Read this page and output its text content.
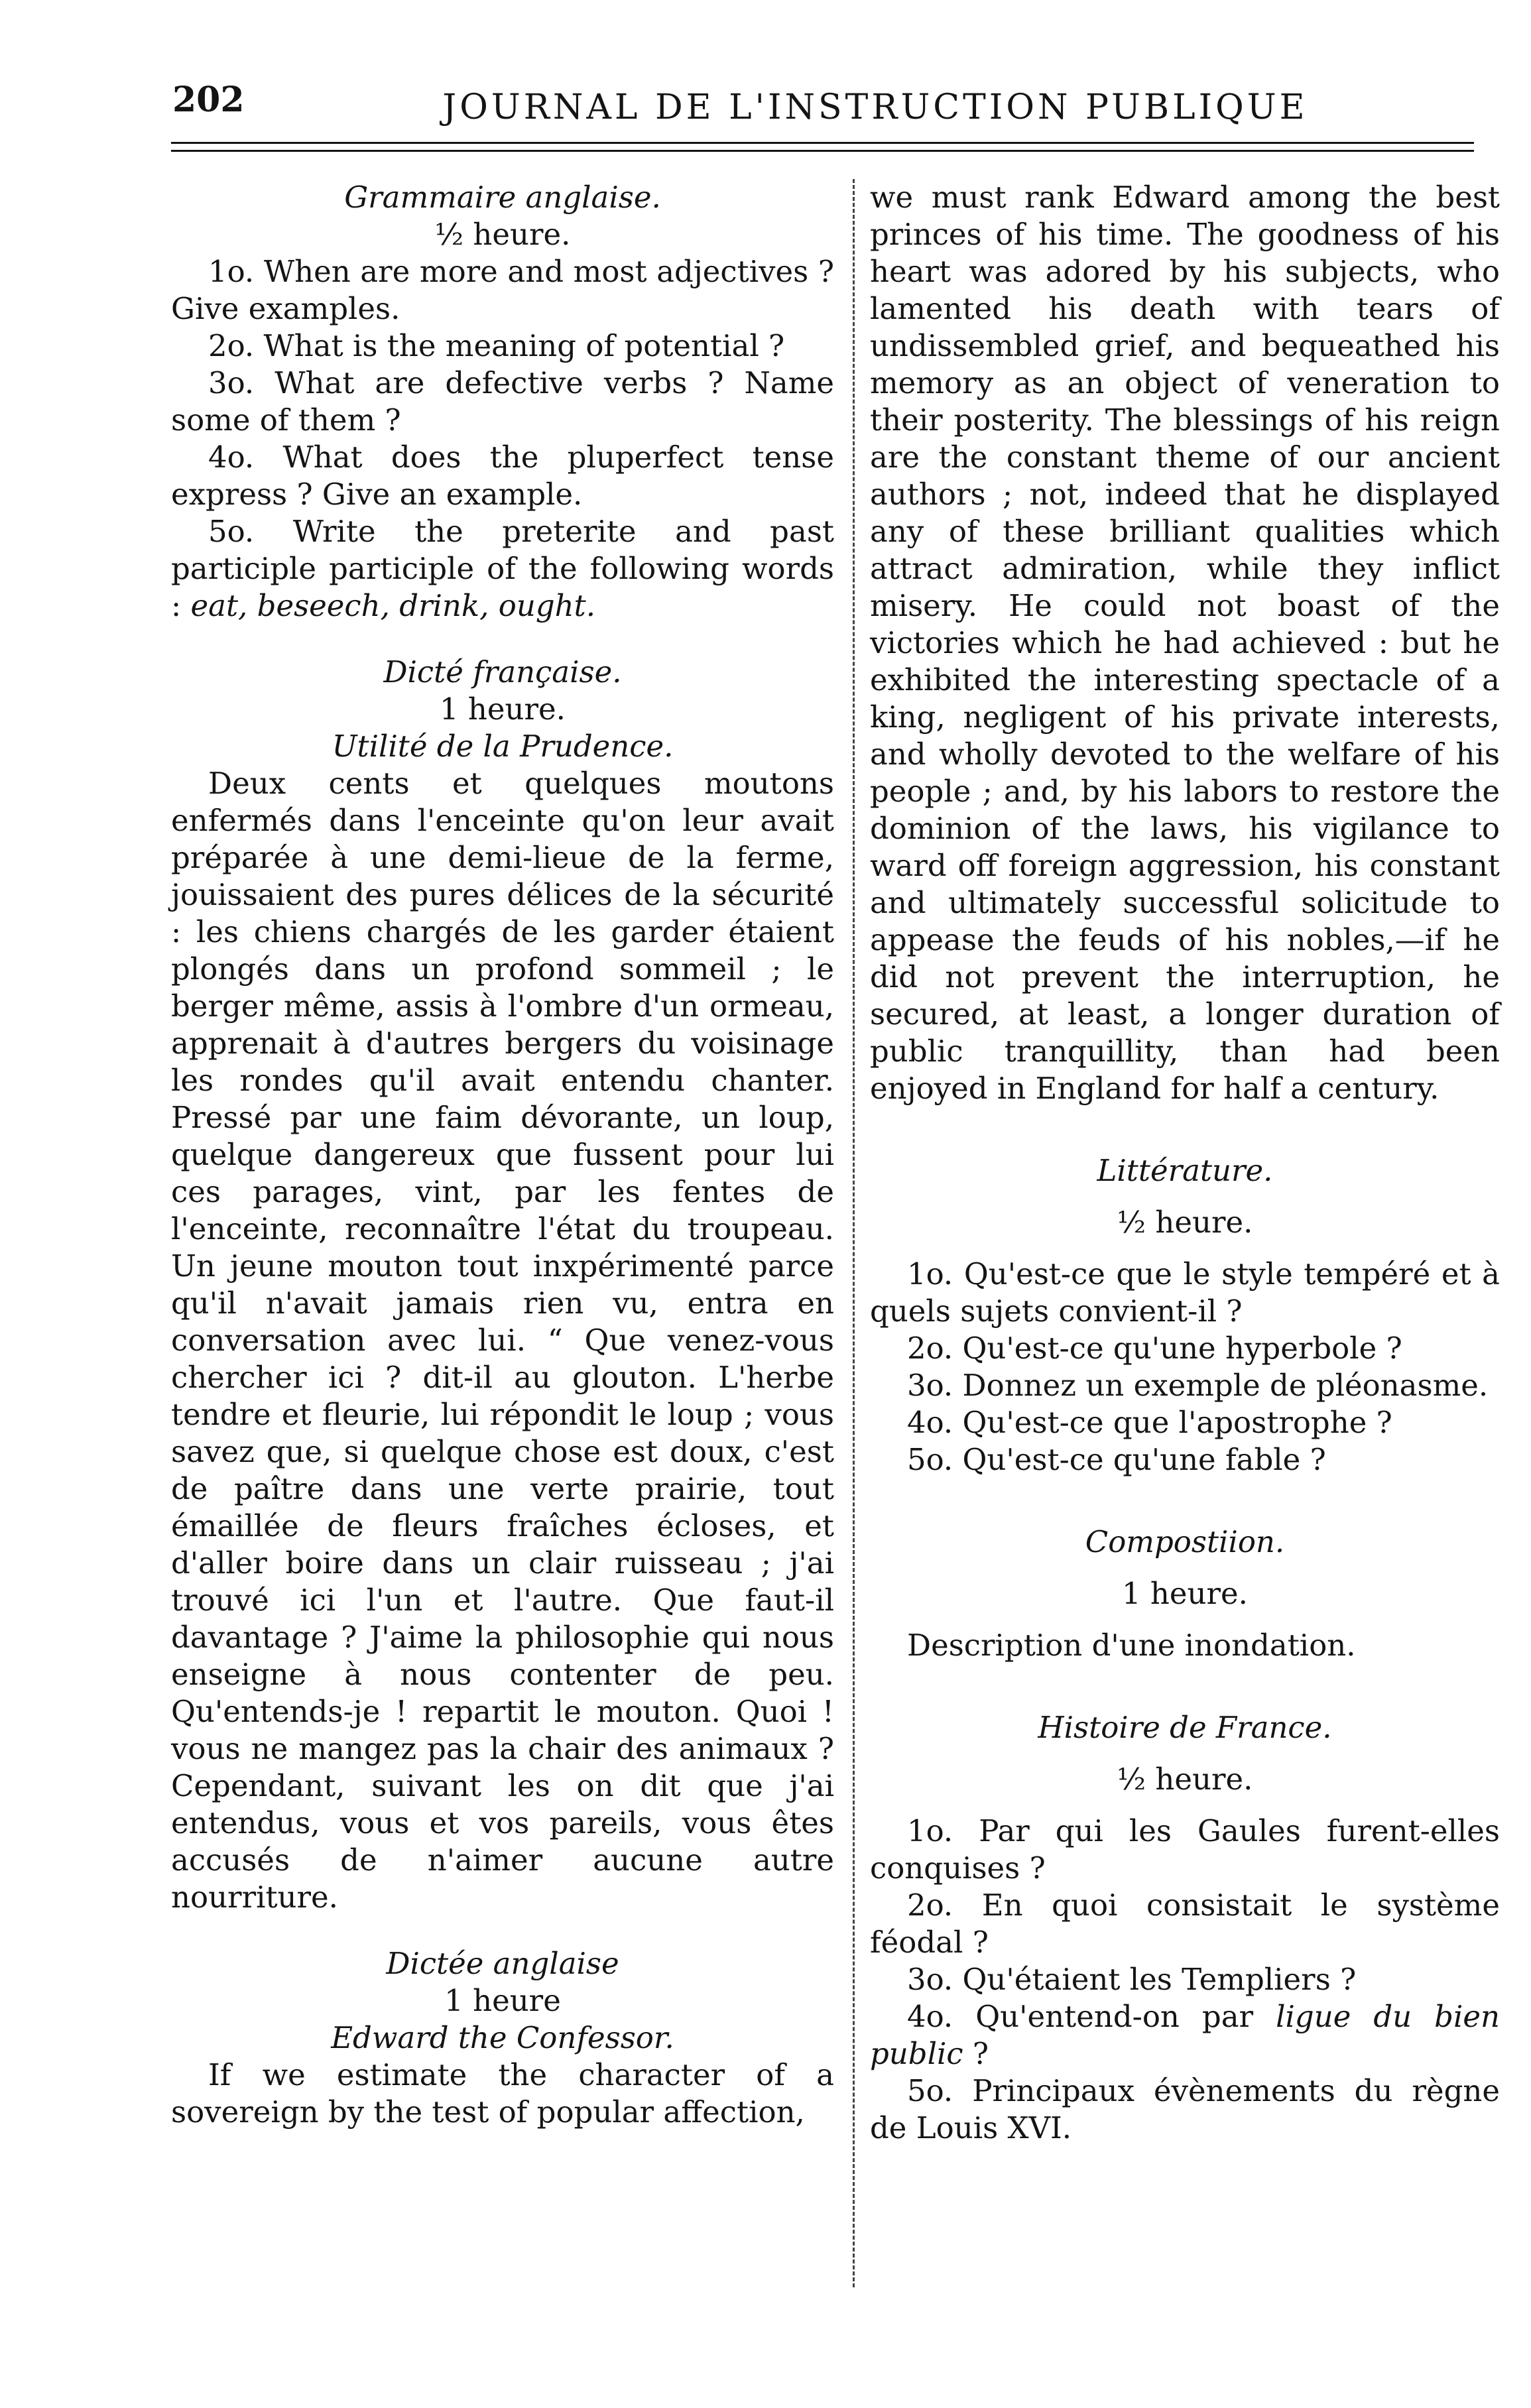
202	JOURNAL DE L'INSTRUCTION PUBLIQUE

Grammaire anglaise.

½ heure.

1o. When are more and most adjectives ? Give examples.

2o. What is the meaning of potential ?

3o. What are defective verbs ? Name some of them ?

4o. What does the pluperfect tense express ? Give an example.

5o. Write the preterite and past participle participle of the following words : eat, beseech, drink, ought.

Dicté française.

1 heure.

Utilité de la Prudence.

Deux cents et quelques moutons enfermés dans l'enceinte qu'on leur avait préparée à une demi-lieue de la ferme, jouissaient des pures délices de la sécurité : les chiens chargés de les garder étaient plongés dans un profond sommeil ; le berger même, assis à l'ombre d'un ormeau, apprenait à d'autres bergers du voisinage les rondes qu'il avait entendu chanter. Pressé par une faim dévorante, un loup, quelque dangereux que fussent pour lui ces parages, vint, par les fentes de l'enceinte, reconnaître l'état du troupeau. Un jeune mouton tout inxpérimenté parce qu'il n'avait jamais rien vu, entra en conversation avec lui. “ Que venez-vous chercher ici ? dit-il au glouton. L'herbe tendre et fleurie, lui répondit le loup ; vous savez que, si quelque chose est doux, c'est de paître dans une verte prairie, tout émaillée de fleurs fraîches écloses, et d'aller boire dans un clair ruisseau ; j'ai trouvé ici l'un et l'autre. Que faut-il davantage ? J'aime la philosophie qui nous enseigne à nous contenter de peu. Qu'entends-je ! repartit le mouton. Quoi ! vous ne mangez pas la chair des animaux ? Cependant, suivant les on dit que j'ai entendus, vous et vos pareils, vous êtes accusés de n'aimer aucune autre nourriture.

Dictée anglaise

1 heure

Edward the Confessor.

If we estimate the character of a sovereign by the test of popular affection,

we must rank Edward among the best princes of his time. The goodness of his heart was adored by his subjects, who lamented his death with tears of undissembled grief, and bequeathed his memory as an object of veneration to their posterity. The blessings of his reign are the constant theme of our ancient authors ; not, indeed that he displayed any of these brilliant qualities which attract admiration, while they inflict misery. He could not boast of the victories which he had achieved : but he exhibited the interesting spectacle of a king, negligent of his private interests, and wholly devoted to the welfare of his people ; and, by his labors to restore the dominion of the laws, his vigilance to ward off foreign aggression, his constant and ultimately successful solicitude to appease the feuds of his nobles,—if he did not prevent the interruption, he secured, at least, a longer duration of public tranquillity, than had been enjoyed in England for half a century.

Littérature.

½ heure.

1o. Qu'est-ce que le style tempéré et à quels sujets convient-il ?

2o. Qu'est-ce qu'une hyperbole ?

3o. Donnez un exemple de pléonasme.

4o. Qu'est-ce que l'apostrophe ?

5o. Qu'est-ce qu'une fable ?

Compostiion.

1 heure.

Description d'une inondation.

Histoire de France.

½ heure.

1o. Par qui les Gaules furent-elles conquises ?

2o. En quoi consistait le système féodal ?

3o. Qu'étaient les Templiers ?

4o. Qu'entend-on par ligue du bien public ?

5o. Principaux évènements du règne de Louis XVI.
